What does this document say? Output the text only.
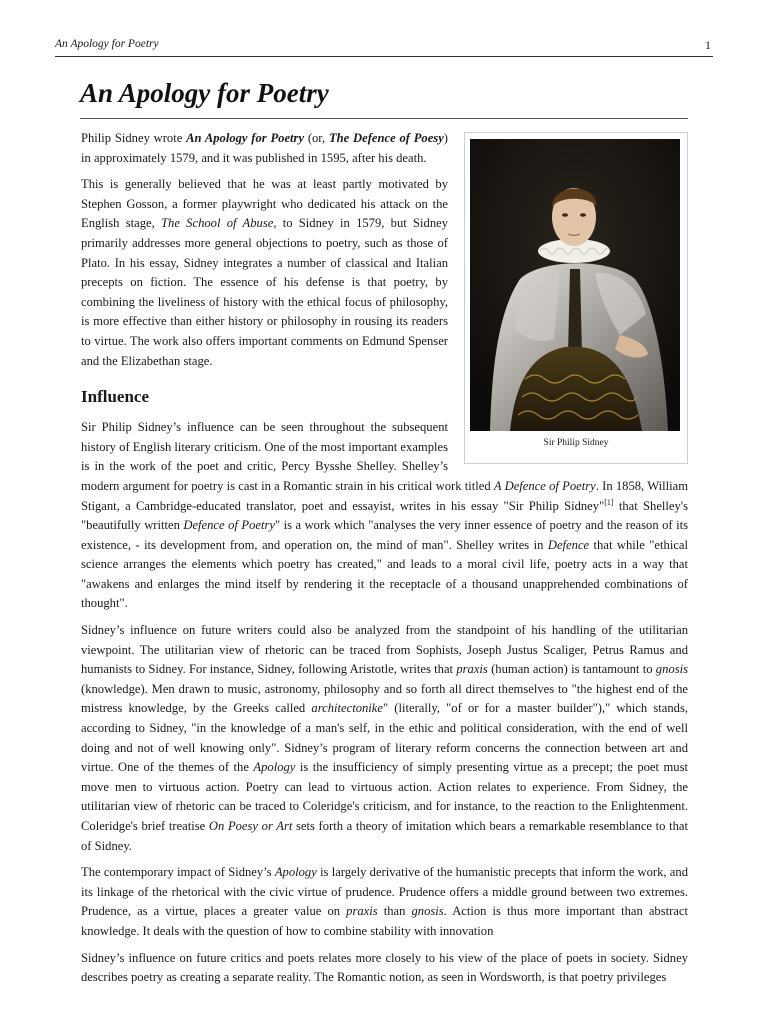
An Apology for Poetry	1
An Apology for Poetry
Sir Philip Sidney

Philip Sidney wrote An Apology for Poetry (or, The Defence of Poesy) in approximately 1579, and it was published in 1595, after his death.

This is generally believed that he was at least partly motivated by Stephen Gosson, a former playwright who dedicated his attack on the English stage, The School of Abuse, to Sidney in 1579, but Sidney primarily addresses more general objections to poetry, such as those of Plato. In his essay, Sidney integrates a number of classical and Italian precepts on fiction. The essence of his defense is that poetry, by combining the liveliness of history with the ethical focus of philosophy, is more effective than either history or philosophy in rousing its readers to virtue. The work also offers important comments on Edmund Spenser and the Elizabethan stage.

Influence

Sir Philip Sidney’s influence can be seen throughout the subsequent history of English literary criticism. One of the most important examples is in the work of the poet and critic, Percy Bysshe Shelley. Shelley’s modern argument for poetry is cast in a Romantic strain in his critical work titled A Defence of Poetry. In 1858, William Stigant, a Cambridge-educated translator, poet and essayist, writes in his essay "Sir Philip Sidney"[1] that Shelley's "beautifully written Defence of Poetry" is a work which "analyses the very inner essence of poetry and the reason of its existence, - its development from, and operation on, the mind of man". Shelley writes in Defence that while "ethical science arranges the elements which poetry has created," and leads to a moral civil life, poetry acts in a way that "awakens and enlarges the mind itself by rendering it the receptacle of a thousand unapprehended combinations of thought".

Sidney’s influence on future writers could also be analyzed from the standpoint of his handling of the utilitarian viewpoint. The utilitarian view of rhetoric can be traced from Sophists, Joseph Justus Scaliger, Petrus Ramus and humanists to Sidney. For instance, Sidney, following Aristotle, writes that praxis (human action) is tantamount to gnosis (knowledge). Men drawn to music, astronomy, philosophy and so forth all direct themselves to "the highest end of the mistress knowledge, by the Greeks called architectonike" (literally, "of or for a master builder")," which stands, according to Sidney, "in the knowledge of a man's self, in the ethic and political consideration, with the end of well doing and not of well knowing only". Sidney’s program of literary reform concerns the connection between art and virtue. One of the themes of the Apology is the insufficiency of simply presenting virtue as a precept; the poet must move men to virtuous action. Poetry can lead to virtuous action. Action relates to experience. From Sidney, the utilitarian view of rhetoric can be traced to Coleridge's criticism, and for instance, to the reaction to the Enlightenment. Coleridge's brief treatise On Poesy or Art sets forth a theory of imitation which bears a remarkable resemblance to that of Sidney.

The contemporary impact of Sidney’s Apology is largely derivative of the humanistic precepts that inform the work, and its linkage of the rhetorical with the civic virtue of prudence. Prudence offers a middle ground between two extremes. Prudence, as a virtue, places a greater value on praxis than gnosis. Action is thus more important than abstract knowledge. It deals with the question of how to combine stability with innovation

Sidney’s influence on future critics and poets relates more closely to his view of the place of poets in society. Sidney describes poetry as creating a separate reality. The Romantic notion, as seen in Wordsworth, is that poetry privileges
